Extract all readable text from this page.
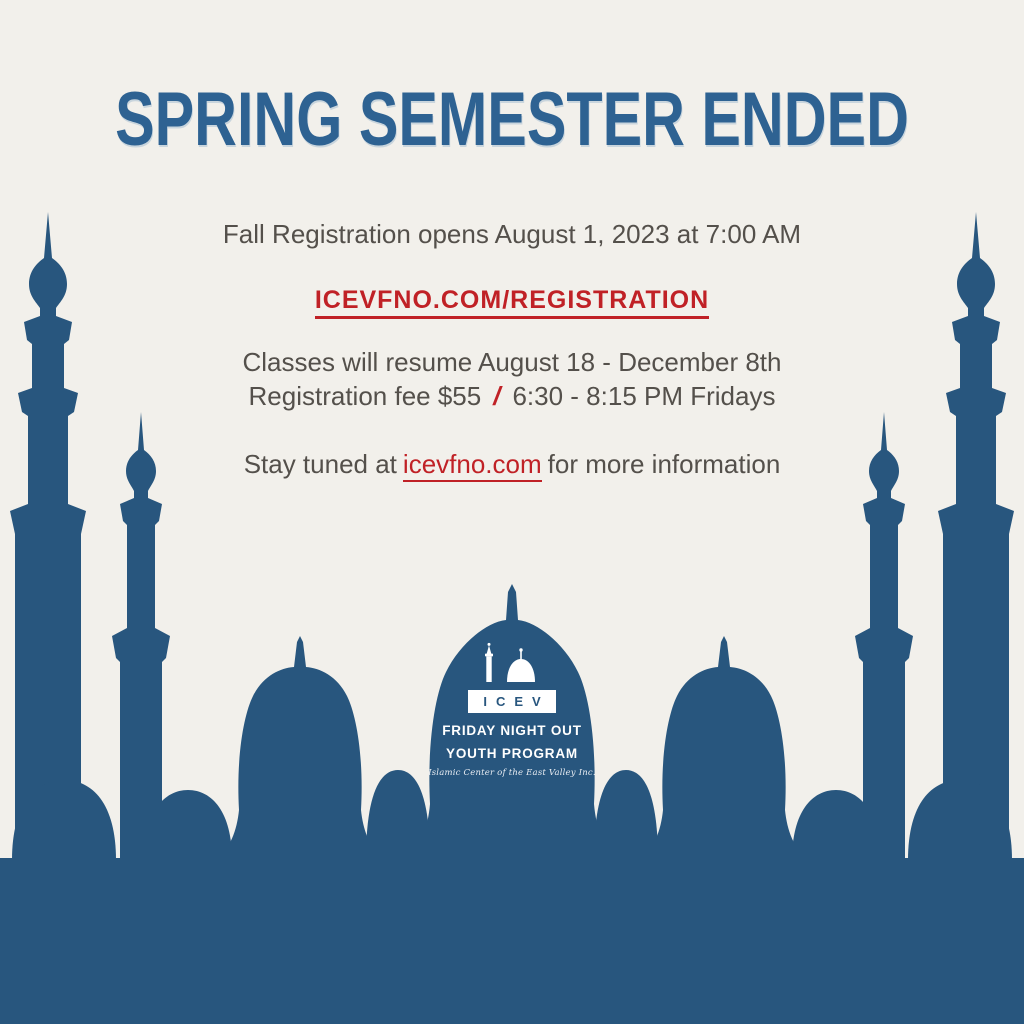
SPRING SEMESTER ENDED
Fall Registration opens August 1, 2023 at 7:00 AM
ICEVFNO.COM/REGISTRATION
Classes will resume August 18 - December 8th
Registration fee $55 / 6:30 - 8:15 PM Fridays
Stay tuned at icevfno.com for more information
ICEV
FRIDAY NIGHT OUT
YOUTH PROGRAM
Islamic Center of the East Valley Inc.
